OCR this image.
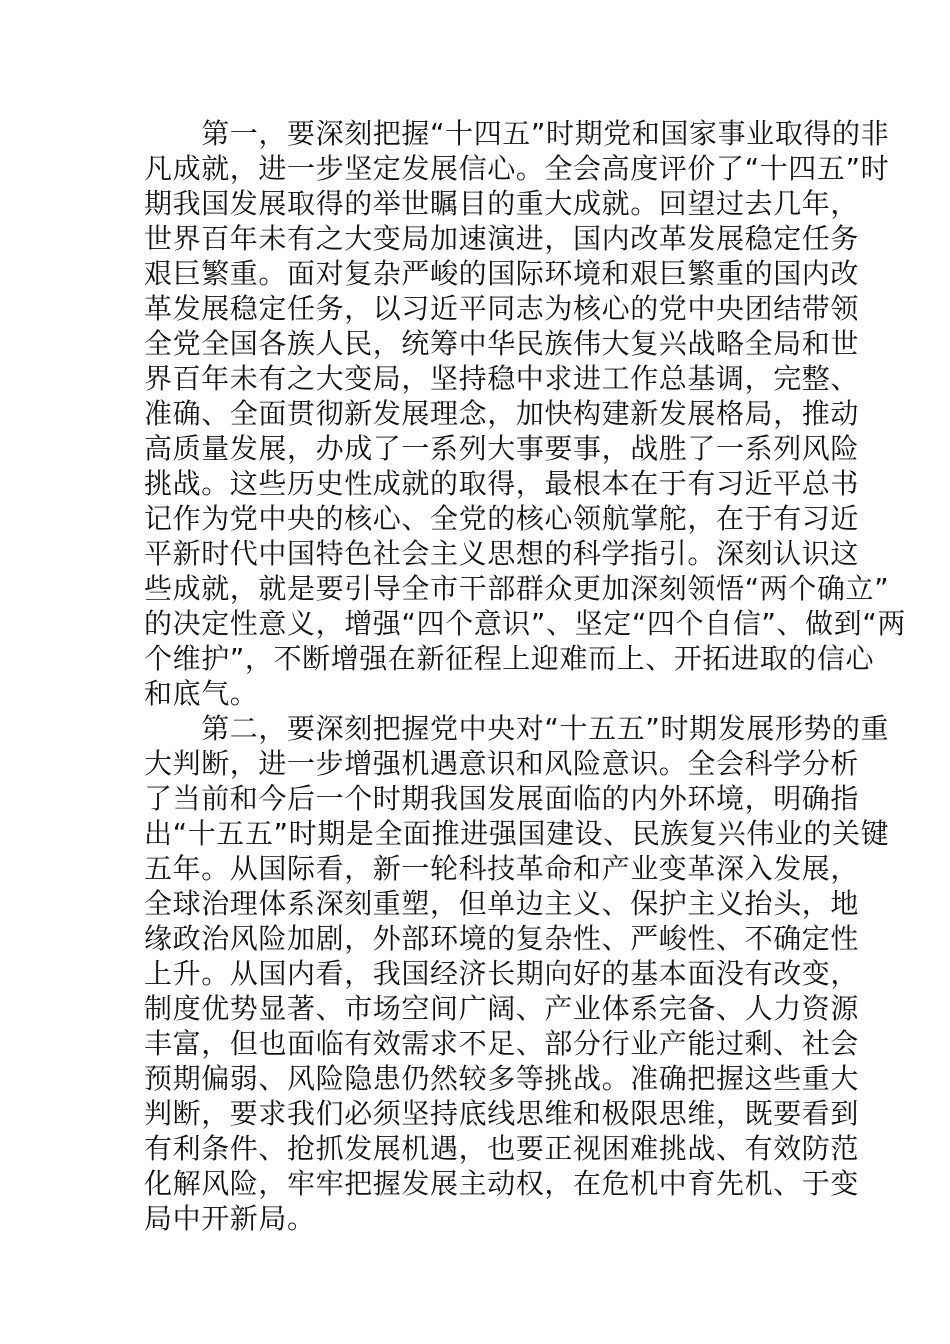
　　第一，要深刻把握“十四五”时期党和国家事业取得的非
凡成就，进一步坚定发展信心。全会高度评价了“十四五”时
期我国发展取得的举世瞩目的重大成就。回望过去几年，
世界百年未有之大变局加速演进，国内改革发展稳定任务
艰巨繁重。面对复杂严峻的国际环境和艰巨繁重的国内改
革发展稳定任务，以习近平同志为核心的党中央团结带领
全党全国各族人民，统筹中华民族伟大复兴战略全局和世
界百年未有之大变局，坚持稳中求进工作总基调，完整、
准确、全面贯彻新发展理念，加快构建新发展格局，推动
高质量发展，办成了一系列大事要事，战胜了一系列风险
挑战。这些历史性成就的取得，最根本在于有习近平总书
记作为党中央的核心、全党的核心领航掌舵，在于有习近
平新时代中国特色社会主义思想的科学指引。深刻认识这
些成就，就是要引导全市干部群众更加深刻领悟“两个确立”
的决定性意义，增强“四个意识”、坚定“四个自信”、做到“两
个维护”，不断增强在新征程上迎难而上、开拓进取的信心
和底气。
　　第二，要深刻把握党中央对“十五五”时期发展形势的重
大判断，进一步增强机遇意识和风险意识。全会科学分析
了当前和今后一个时期我国发展面临的内外环境，明确指
出“十五五”时期是全面推进强国建设、民族复兴伟业的关键
五年。从国际看，新一轮科技革命和产业变革深入发展，
全球治理体系深刻重塑，但单边主义、保护主义抬头，地
缘政治风险加剧，外部环境的复杂性、严峻性、不确定性
上升。从国内看，我国经济长期向好的基本面没有改变，
制度优势显著、市场空间广阔、产业体系完备、人力资源
丰富，但也面临有效需求不足、部分行业产能过剩、社会
预期偏弱、风险隐患仍然较多等挑战。准确把握这些重大
判断，要求我们必须坚持底线思维和极限思维，既要看到
有利条件、抢抓发展机遇，也要正视困难挑战、有效防范
化解风险，牢牢把握发展主动权，在危机中育先机、于变
局中开新局。
